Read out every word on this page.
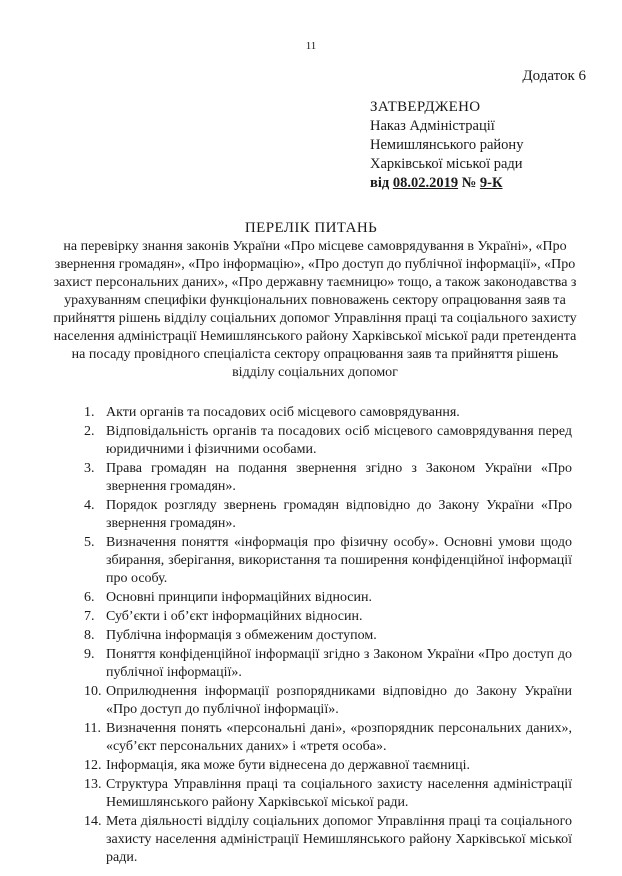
11
Додаток 6
ЗАТВЕРДЖЕНО
Наказ Адміністрації
Немишлянського району
Харківської міської ради
від 08.02.2019 № 9-К
ПЕРЕЛІК ПИТАНЬ
на перевірку знання законів України «Про місцеве самоврядування в Україні», «Про звернення громадян», «Про інформацію», «Про доступ до публічної інформації», «Про захист персональних даних», «Про державну таємницю» тощо, а також законодавства з урахуванням специфіки функціональних повноважень сектору опрацювання заяв та прийняття рішень відділу соціальних допомог Управління праці та соціального захисту населення адміністрації Немишлянського району Харківської міської ради претендента на посаду провідного спеціаліста сектору опрацювання заяв та прийняття рішень відділу соціальних допомог
1. Акти органів та посадових осіб місцевого самоврядування.
2. Відповідальність органів та посадових осіб місцевого самоврядування перед юридичними і фізичними особами.
3. Права громадян на подання звернення згідно з Законом України «Про звернення громадян».
4. Порядок розгляду звернень громадян відповідно до Закону України «Про звернення громадян».
5. Визначення поняття «інформація про фізичну особу». Основні умови щодо збирання, зберігання, використання та поширення конфіденційної інформації про особу.
6. Основні принципи інформаційних відносин.
7. Суб’єкти і об’єкт інформаційних відносин.
8. Публічна інформація з обмеженим доступом.
9. Поняття конфіденційної інформації згідно з Законом України «Про доступ до публічної інформації».
10. Оприлюднення інформації розпорядниками відповідно до Закону України «Про доступ до публічної інформації».
11. Визначення понять «персональні дані», «розпорядник персональних даних», «суб’єкт персональних даних» і «третя особа».
12. Інформація, яка може бути віднесена до державної таємниці.
13. Структура Управління праці та соціального захисту населення адміністрації Немишлянського району Харківської міської ради.
14. Мета діяльності відділу соціальних допомог Управління праці та соціального захисту населення адміністрації Немишлянського району Харківської міської ради.
